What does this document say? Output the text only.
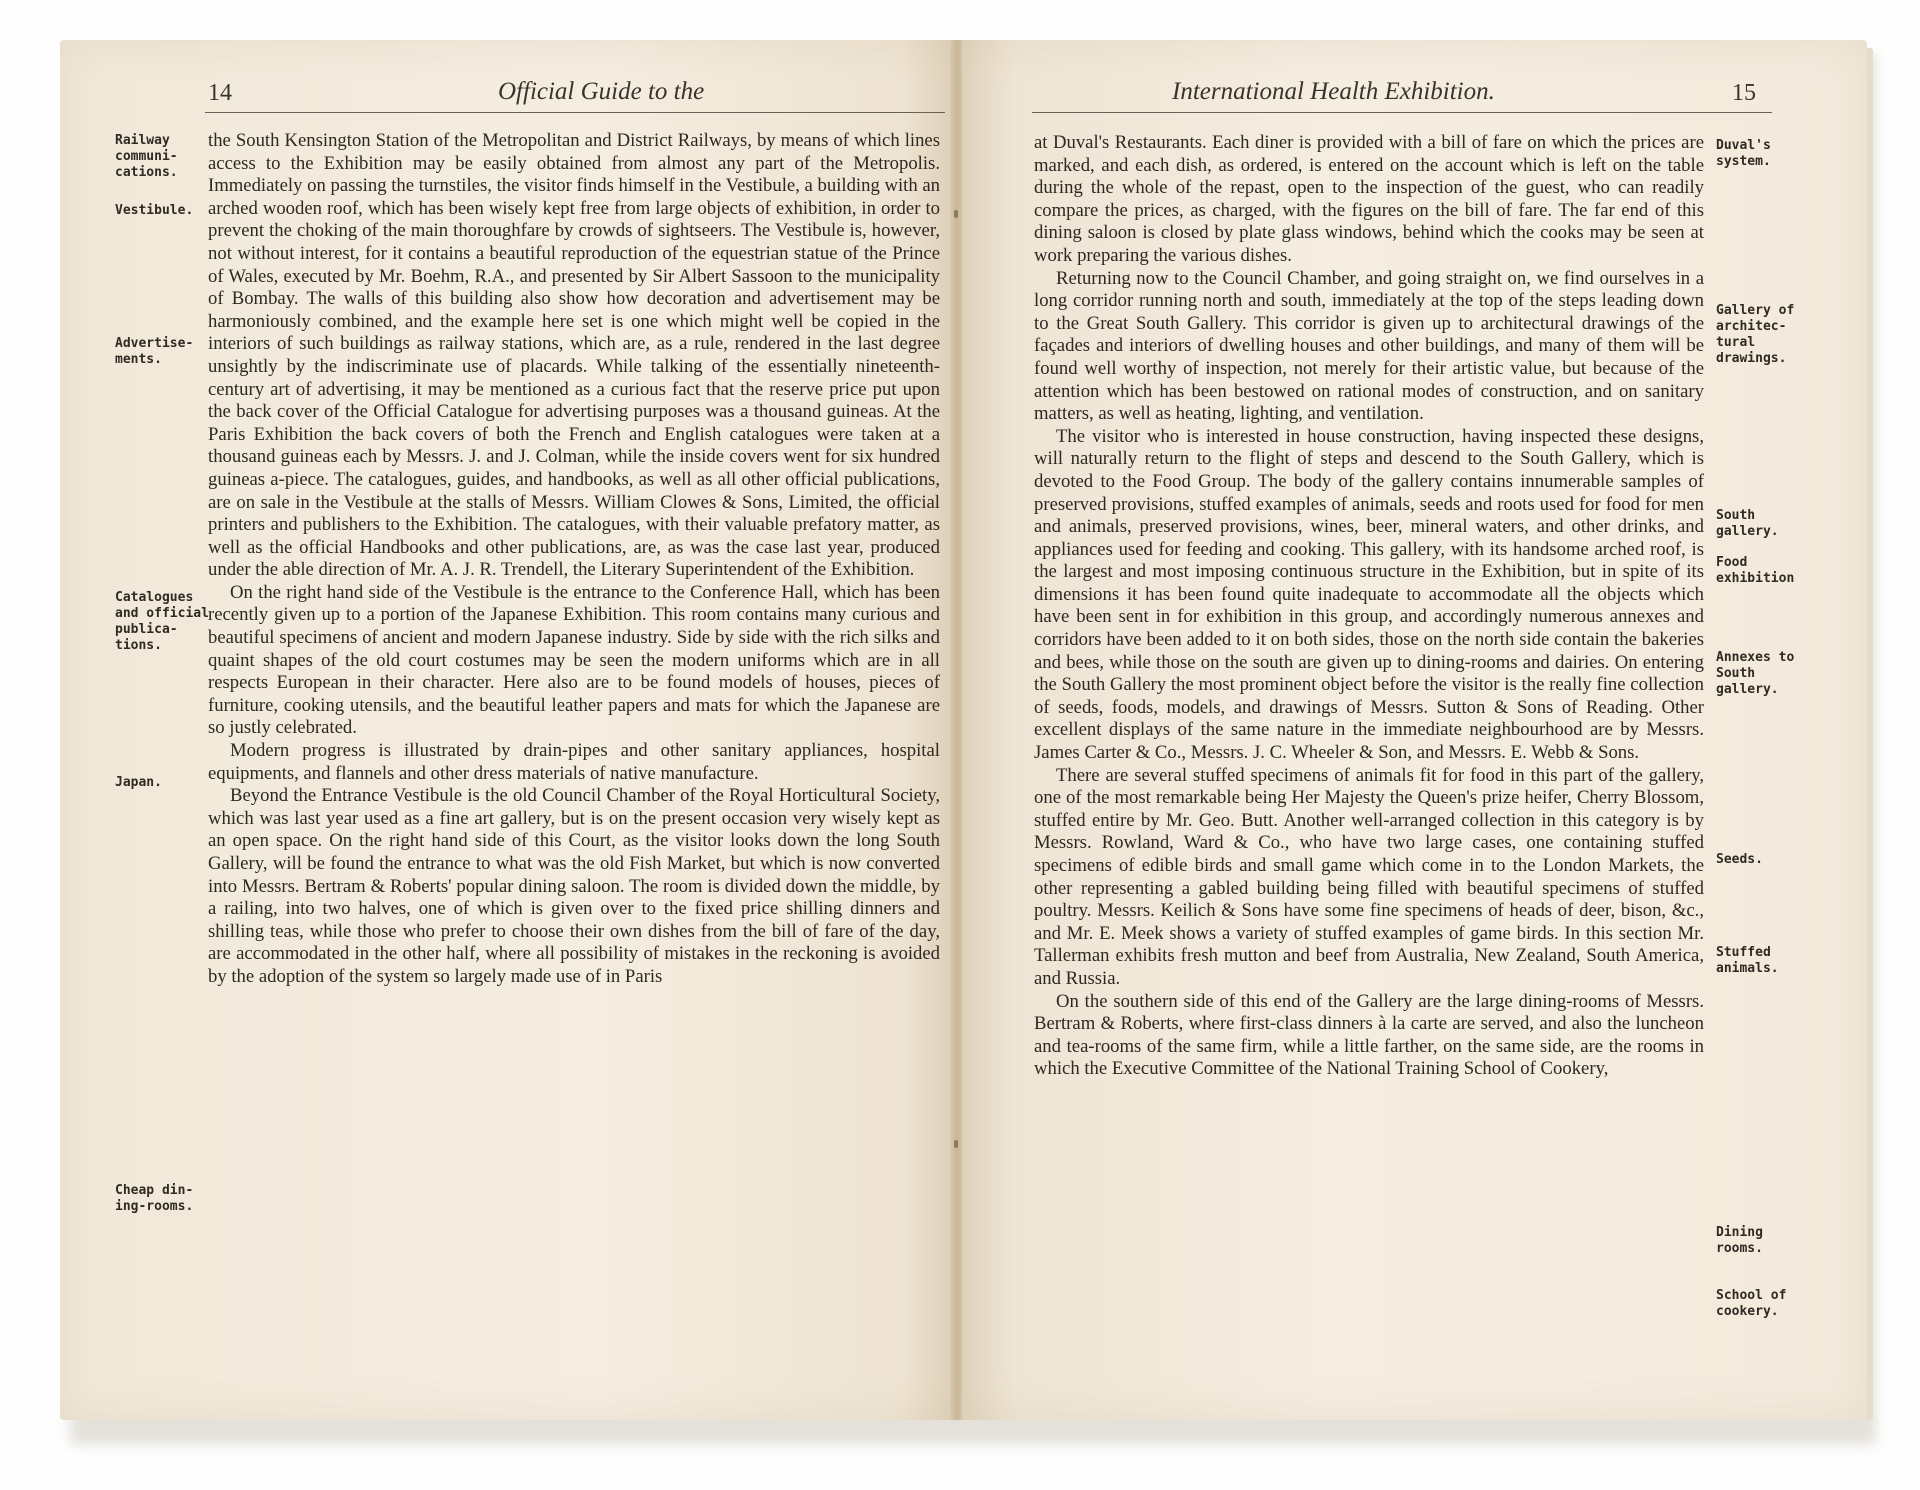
14	Official Guide to the
Railway communi-cations.
Vestibule.
Advertise-ments.
Catalogues and official publica-tions.
Japan.
Cheap din-ing-rooms.

the South Kensington Station of the Metropolitan and District Railways, by means of which lines access to the Exhibition may be easily obtained from almost any part of the Metropolis. Immediately on passing the turnstiles, the visitor finds himself in the Vestibule, a building with an arched wooden roof, which has been wisely kept free from large objects of exhibition, in order to prevent the choking of the main thoroughfare by crowds of sightseers. The Vestibule is, however, not without interest, for it contains a beautiful reproduction of the equestrian statue of the Prince of Wales, executed by Mr. Boehm, R.A., and presented by Sir Albert Sassoon to the municipality of Bombay. The walls of this building also show how decoration and advertisement may be harmoniously combined, and the example here set is one which might well be copied in the interiors of such buildings as railway stations, which are, as a rule, rendered in the last degree unsightly by the indiscriminate use of placards. While talking of the essentially nineteenth-century art of advertising, it may be mentioned as a curious fact that the reserve price put upon the back cover of the Official Catalogue for advertising purposes was a thousand guineas. At the Paris Exhibition the back covers of both the French and English catalogues were taken at a thousand guineas each by Messrs. J. and J. Colman, while the inside covers went for six hundred guineas a-piece. The catalogues, guides, and handbooks, as well as all other official publications, are on sale in the Vestibule at the stalls of Messrs. William Clowes & Sons, Limited, the official printers and publishers to the Exhibition. The catalogues, with their valuable prefatory matter, as well as the official Handbooks and other publications, are, as was the case last year, produced under the able direction of Mr. A. J. R. Trendell, the Literary Superintendent of the Exhibition.

On the right hand side of the Vestibule is the entrance to the Conference Hall, which has been recently given up to a portion of the Japanese Exhibition. This room contains many curious and beautiful specimens of ancient and modern Japanese industry. Side by side with the rich silks and quaint shapes of the old court costumes may be seen the modern uniforms which are in all respects European in their character. Here also are to be found models of houses, pieces of furniture, cooking utensils, and the beautiful leather papers and mats for which the Japanese are so justly celebrated.

Modern progress is illustrated by drain-pipes and other sanitary appliances, hospital equipments, and flannels and other dress materials of native manufacture.

Beyond the Entrance Vestibule is the old Council Chamber of the Royal Horticultural Society, which was last year used as a fine art gallery, but is on the present occasion very wisely kept as an open space. On the right hand side of this Court, as the visitor looks down the long South Gallery, will be found the entrance to what was the old Fish Market, but which is now converted into Messrs. Bertram & Roberts' popular dining saloon. The room is divided down the middle, by a railing, into two halves, one of which is given over to the fixed price shilling dinners and shilling teas, while those who prefer to choose their own dishes from the bill of fare of the day, are accommodated in the other half, where all possibility of mistakes in the reckoning is avoided by the adoption of the system so largely made use of in Paris

International Health Exhibition.	15

at Duval's Restaurants. Each diner is provided with a bill of fare on which the prices are marked, and each dish, as ordered, is entered on the account which is left on the table during the whole of the repast, open to the inspection of the guest, who can readily compare the prices, as charged, with the figures on the bill of fare. The far end of this dining saloon is closed by plate glass windows, behind which the cooks may be seen at work preparing the various dishes.

Returning now to the Council Chamber, and going straight on, we find ourselves in a long corridor running north and south, immediately at the top of the steps leading down to the Great South Gallery. This corridor is given up to architectural drawings of the façades and interiors of dwelling houses and other buildings, and many of them will be found well worthy of inspection, not merely for their artistic value, but because of the attention which has been bestowed on rational modes of construction, and on sanitary matters, as well as heating, lighting, and ventilation.

The visitor who is interested in house construction, having inspected these designs, will naturally return to the flight of steps and descend to the South Gallery, which is devoted to the Food Group. The body of the gallery contains innumerable samples of preserved provisions, stuffed examples of animals, seeds and roots used for food for men and animals, preserved provisions, wines, beer, mineral waters, and other drinks, and appliances used for feeding and cooking. This gallery, with its handsome arched roof, is the largest and most imposing continuous structure in the Exhibition, but in spite of its dimensions it has been found quite inadequate to accommodate all the objects which have been sent in for exhibition in this group, and accordingly numerous annexes and corridors have been added to it on both sides, those on the north side contain the bakeries and bees, while those on the south are given up to dining-rooms and dairies. On entering the South Gallery the most prominent object before the visitor is the really fine collection of seeds, foods, models, and drawings of Messrs. Sutton & Sons of Reading. Other excellent displays of the same nature in the immediate neighbourhood are by Messrs. James Carter & Co., Messrs. J. C. Wheeler & Son, and Messrs. E. Webb & Sons.

There are several stuffed specimens of animals fit for food in this part of the gallery, one of the most remarkable being Her Majesty the Queen's prize heifer, Cherry Blossom, stuffed entire by Mr. Geo. Butt. Another well-arranged collection in this category is by Messrs. Rowland, Ward & Co., who have two large cases, one containing stuffed specimens of edible birds and small game which come in to the London Markets, the other representing a gabled building being filled with beautiful specimens of stuffed poultry. Messrs. Keilich & Sons have some fine specimens of heads of deer, bison, &c., and Mr. E. Meek shows a variety of stuffed examples of game birds. In this section Mr. Tallerman exhibits fresh mutton and beef from Australia, New Zealand, South America, and Russia.

On the southern side of this end of the Gallery are the large dining-rooms of Messrs. Bertram & Roberts, where first-class dinners à la carte are served, and also the luncheon and tea-rooms of the same firm, while a little farther, on the same side, are the rooms in which the Executive Committee of the National Training School of Cookery,

Duval's system.
Gallery of architec-tural drawings.
South gallery.
Food exhibition
Annexes to South gallery.
Seeds.
Stuffed animals.
Dining rooms.
School of cookery.
